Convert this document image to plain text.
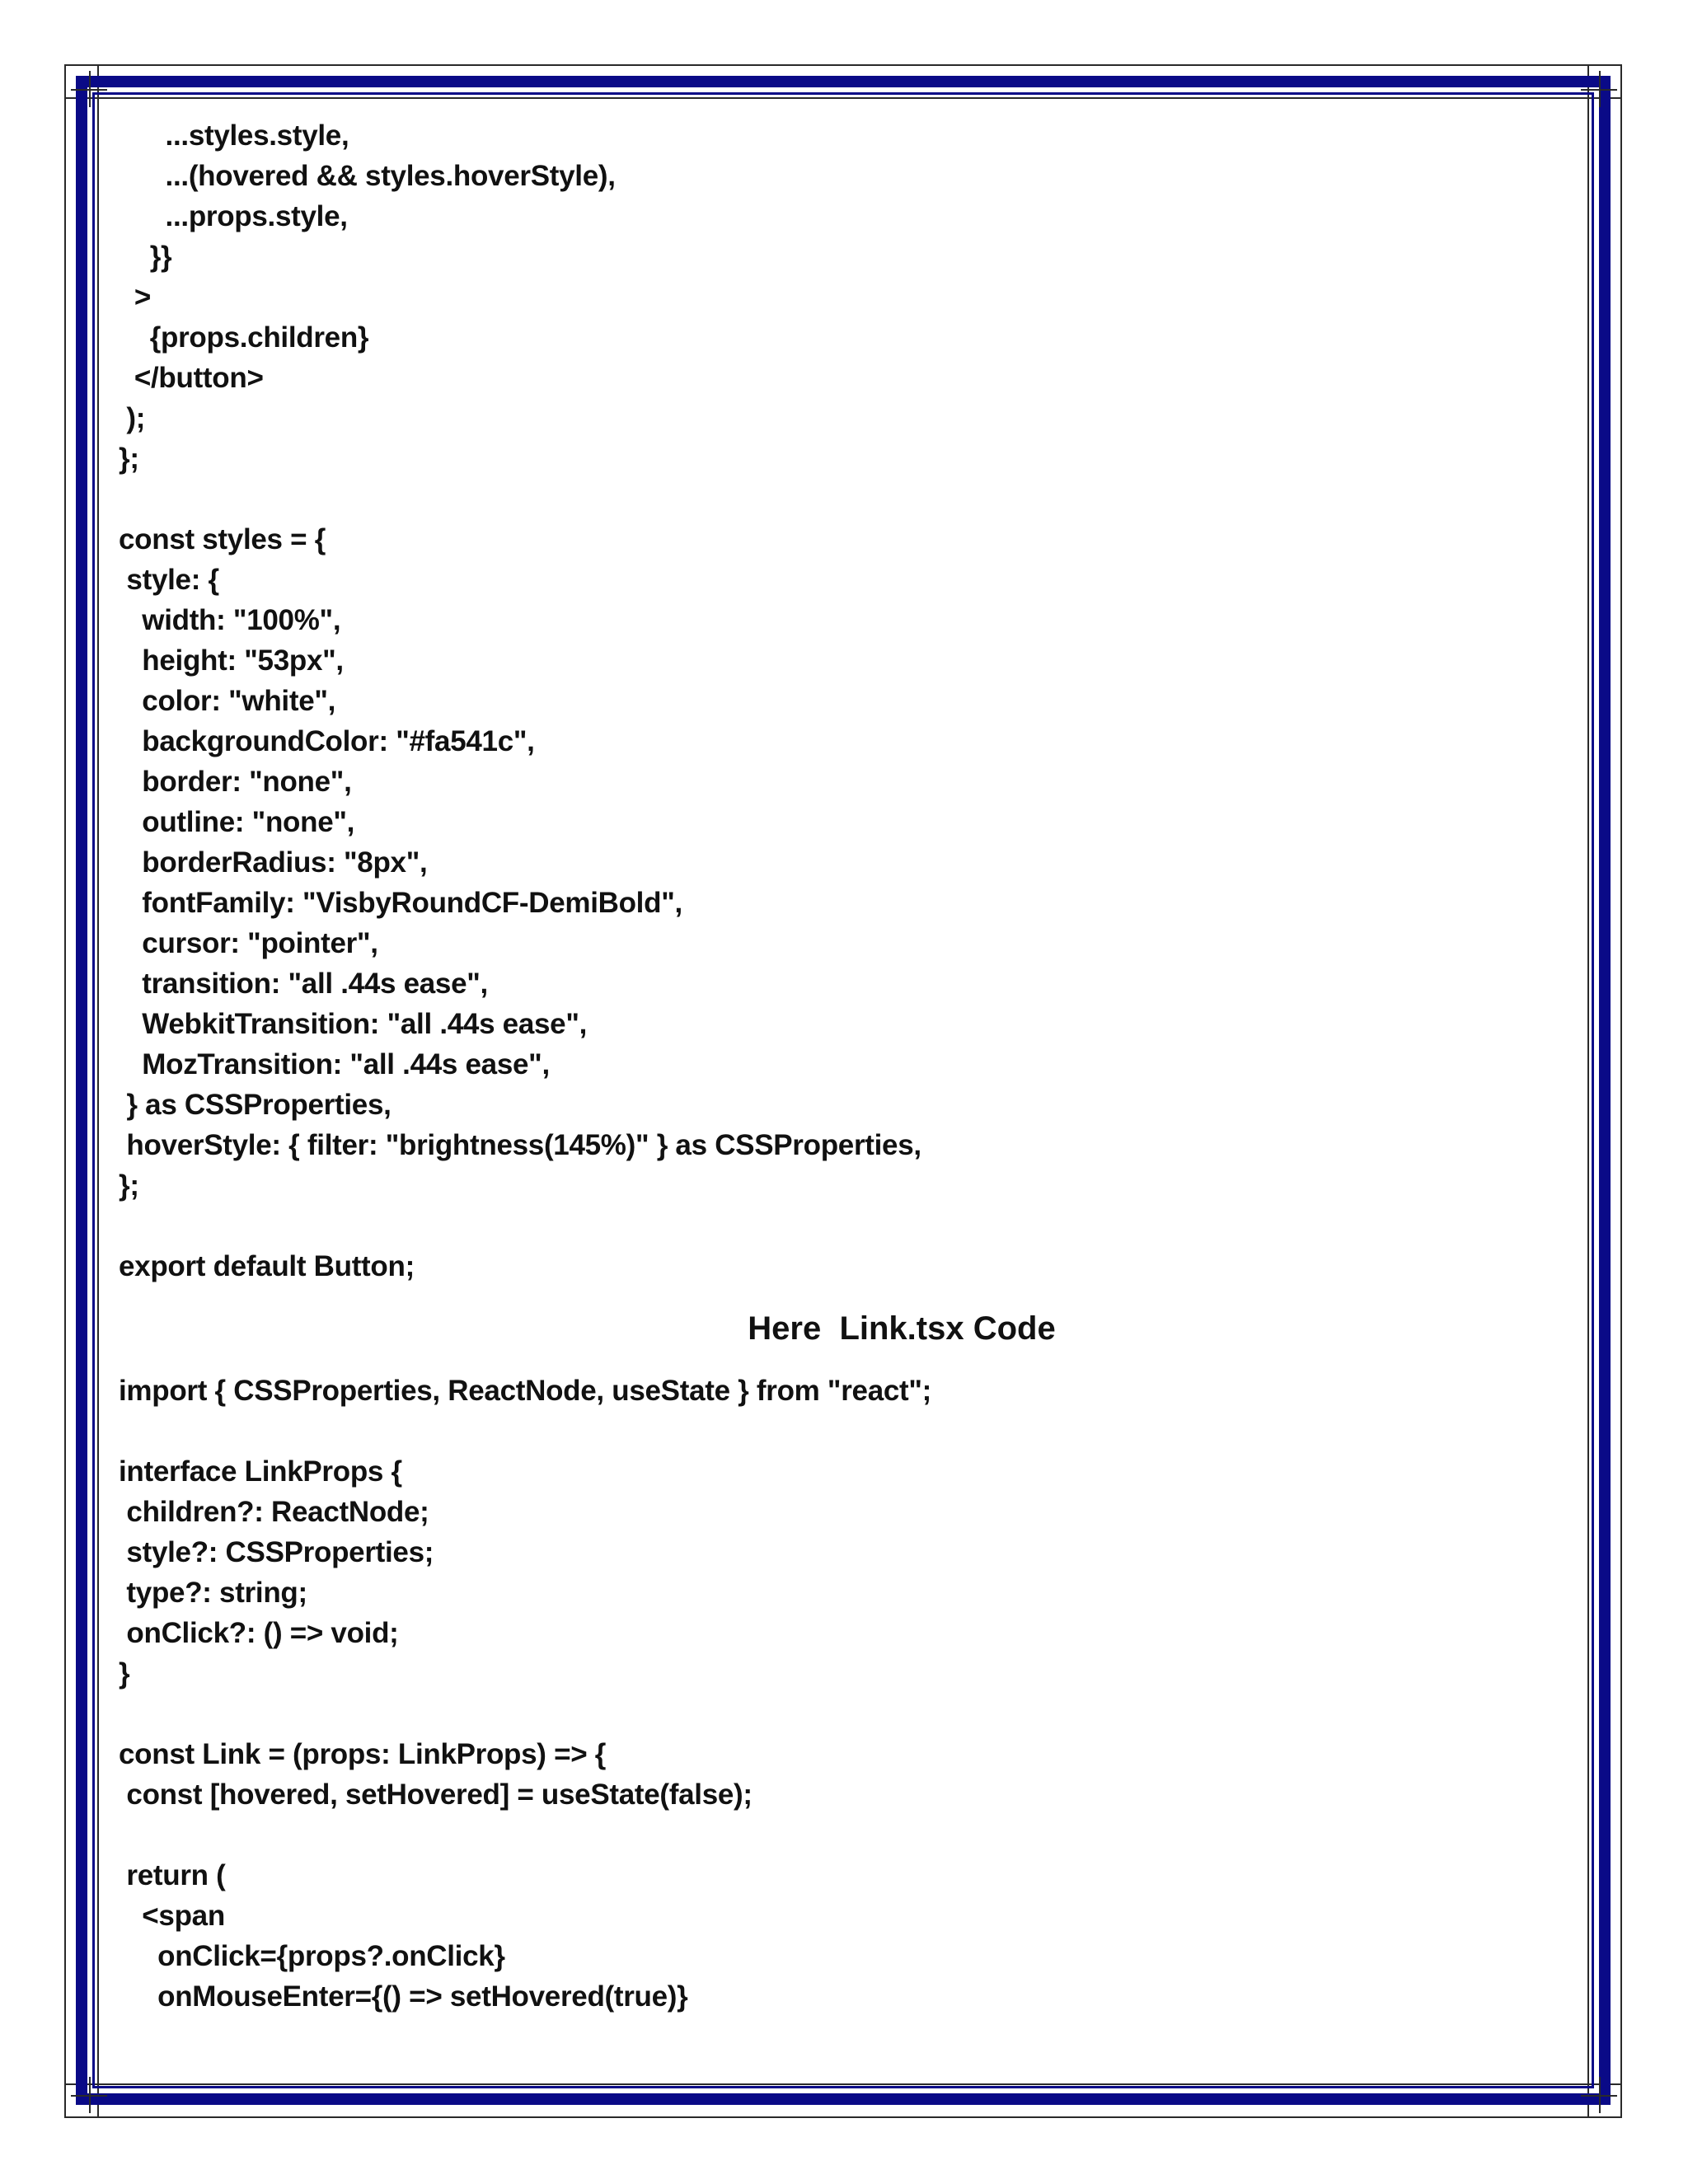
...styles.style,
...(hovered && styles.hoverStyle),
...props.style,
}}
>
{props.children}
</button>
);
};
const styles = {
style: {
width: "100%",
height: "53px",
color: "white",
backgroundColor: "#fa541c",
border: "none",
outline: "none",
borderRadius: "8px",
fontFamily: "VisbyRoundCF-DemiBold",
cursor: "pointer",
transition: "all .44s ease",
WebkitTransition: "all .44s ease",
MozTransition: "all .44s ease",
} as CSSProperties,
hoverStyle: { filter: "brightness(145%)" } as CSSProperties,
};
export default Button;
Here  Link.tsx Code
import { CSSProperties, ReactNode, useState } from "react";
interface LinkProps {
children?: ReactNode;
style?: CSSProperties;
type?: string;
onClick?: () => void;
}
const Link = (props: LinkProps) => {
const [hovered, setHovered] = useState(false);
return (
<span
onClick={props?.onClick}
onMouseEnter={() => setHovered(true)}
